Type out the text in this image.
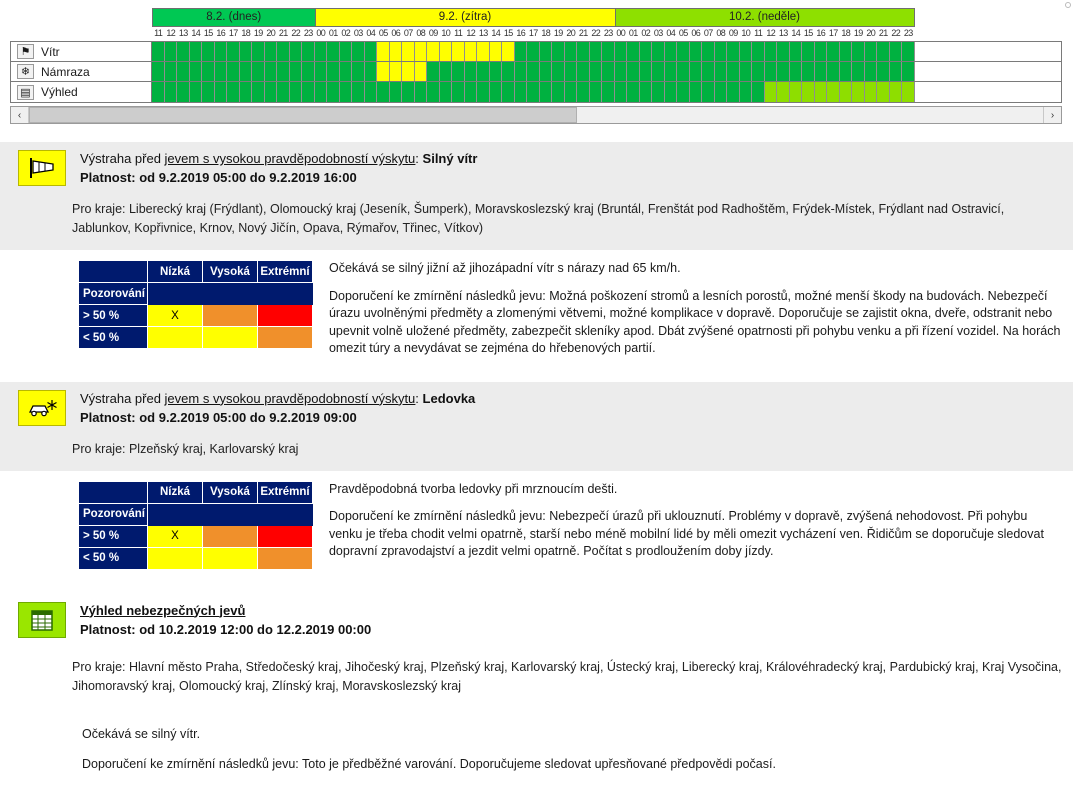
8.2. (dnes)	9.2. (zítra)	10.2. (neděle)
11 12 13 14 15 16 17 18 19 20 21 22 23 00 01 02 03 04 05 06 07 08 09 10 11 12 13 14 15 16 17 18 19 20 21 22 23 00 01 02 03 04 05 06 07 08 09 10 11 12 13 14 15 16 17 18 19 20 21 22 23
⚑ Vítr
❄ Námraza
▤ Výhled
‹	›
Výstraha před jevem s vysokou pravděpodobností výskytu: Silný vítr
Platnost: od 9.2.2019 05:00 do 9.2.2019 16:00
Pro kraje: Liberecký kraj (Frýdlant), Olomoucký kraj (Jeseník, Šumperk), Moravskoslezský kraj (Bruntál, Frenštát pod Radhoštěm, Frýdek-Místek, Frýdlant nad Ostravicí, Jablunkov, Kopřivnice, Krnov, Nový Jičín, Opava, Rýmařov, Třinec, Vítkov)
	Nízká	Vysoká	Extrémní
Pozorování			
> 50 %	X		
< 50 %			

Očekává se silný jižní až jihozápadní vítr s nárazy nad 65 km/h.

Doporučení ke zmírnění následků jevu: Možná poškození stromů a lesních porostů, možné menší škody na budovách. Nebezpečí úrazu uvolněnými předměty a zlomenými větvemi, možné komplikace v dopravě. Doporučuje se zajistit okna, dveře, odstranit nebo upevnit volně uložené předměty, zabezpečit skleníky apod. Dbát zvýšené opatrnosti při pohybu venku a při řízení vozidel. Na horách omezit túry a nevydávat se zejména do hřebenových partií.

Výstraha před jevem s vysokou pravděpodobností výskytu: Ledovka
Platnost: od 9.2.2019 05:00 do 9.2.2019 09:00
Pro kraje: Plzeňský kraj, Karlovarský kraj
	Nízká	Vysoká	Extrémní
Pozorování			
> 50 %	X		
< 50 %			

Pravděpodobná tvorba ledovky při mrznoucím dešti.

Doporučení ke zmírnění následků jevu: Nebezpečí úrazů při uklouznutí. Problémy v dopravě, zvýšená nehodovost. Při pohybu venku je třeba chodit velmi opatrně, starší nebo méně mobilní lidé by měli omezit vycházení ven. Řidičům se doporučuje sledovat dopravní zpravodajství a jezdit velmi opatrně. Počítat s prodloužením doby jízdy.

Výhled nebezpečných jevů
Platnost: od 10.2.2019 12:00 do 12.2.2019 00:00
Pro kraje: Hlavní město Praha, Středočeský kraj, Jihočeský kraj, Plzeňský kraj, Karlovarský kraj, Ústecký kraj, Liberecký kraj, Královéhradecký kraj, Pardubický kraj, Kraj Vysočina, Jihomoravský kraj, Olomoucký kraj, Zlínský kraj, Moravskoslezský kraj

Očekává se silný vítr.

Doporučení ke zmírnění následků jevu: Toto je předběžné varování. Doporučujeme sledovat upřesňované předpovědi počasí.
